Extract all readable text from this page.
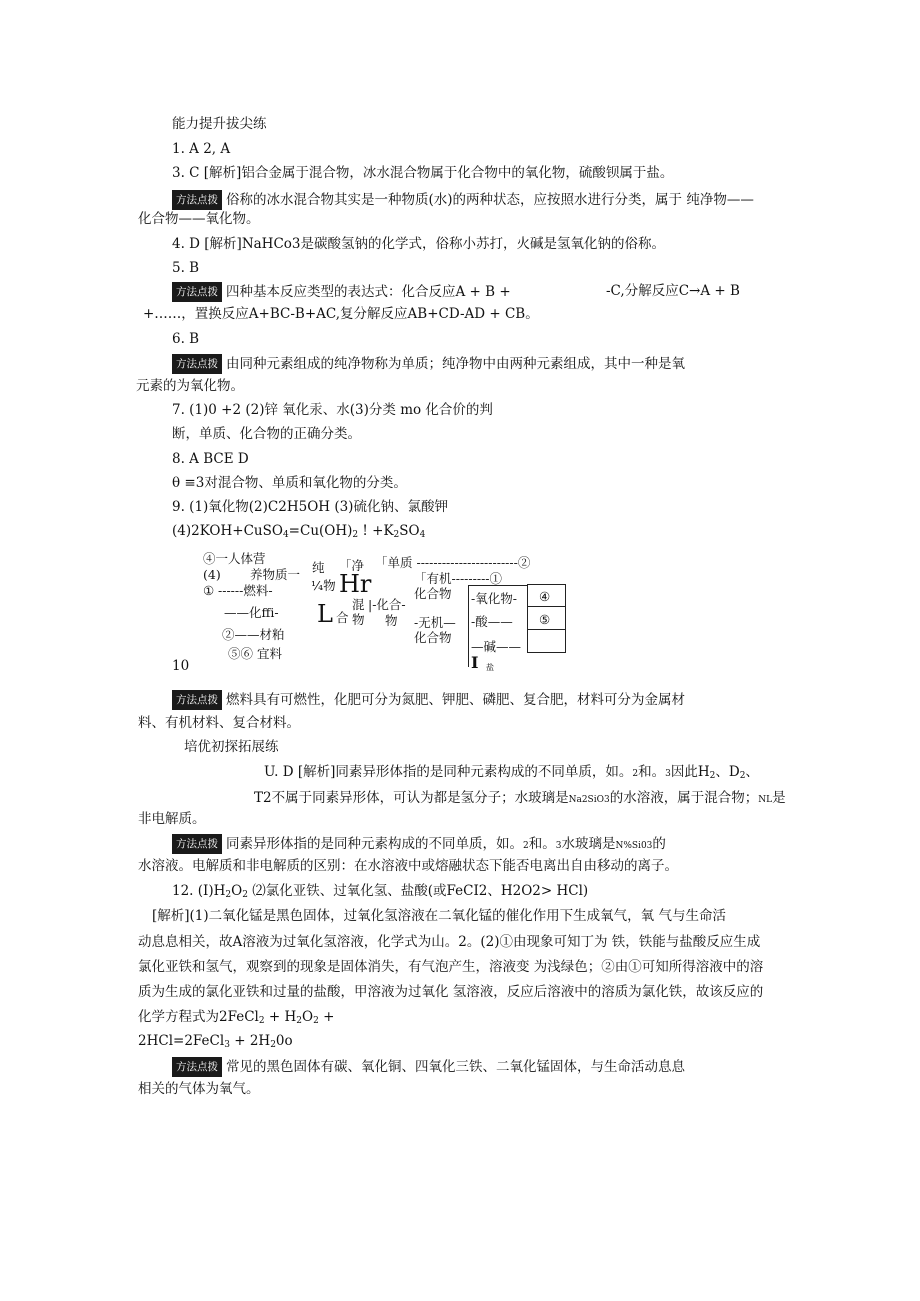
能力提升拔尖练
1. A 2, A
3. C [解析]铝合金属于混合物，冰水混合物属于化合物中的氧化物，硫酸钡属于盐。
方法点拨 俗称的冰水混合物其实是一种物质(水)的两种状态，应按照水进行分类，属于 纯净物——
化合物——氧化物。
4. D [解析]NaHCo3是碳酸氢钠的化学式，俗称小苏打，火碱是氢氧化钠的俗称。
5. B
方法点拨 四种基本反应类型的表达式：化合反应A + B +	-C,分解反应C→A + B
+……，置换反应A+BC-B+AC,复分解反应AB+CD-AD + CB。
6. B
方法点拨 由同种元素组成的纯净物称为单质；纯净物中由两种元素组成，其中一种是氧
元素的为氧化物。
7. (1)0 +2 (2)锌 氧化汞、水(3)分类 mo 化合价的判
断，单质、化合物的正确分类。
8. A BCE D
θ ≡3对混合物、单质和氧化物的分类。
9. (1)氧化物(2)C2H5OH (3)硫化钠、氯酸钾
$(4)2KOH+CuSO_4=Cu(OH)_2$ ! $+K_2SO_4$
④一人体营
(4) 养物质一
① ------燃料-
——化ffi-
②——材粕
⑤⑥ 宜料
纯
¼物
「净
Hr
L 合
混
物
|-化合-
物
「单质 ------------------------②
「有机---------①
化合物
-无机—
化合物
-氧化物-
-酸——
—碱——
④
⑤
I 盐
10
方法点拨 燃料具有可燃性，化肥可分为氮肥、钾肥、磷肥、复合肥，材料可分为金属材
料、有机材料、复合材料。
培优初探拓展练
U. D [解析]同素异形体指的是同种元素构成的不同单质，如。2和。3因此$H_2$、$D_2$、
T2不属于同素异形体，可认为都是氢分子；水玻璃是Na2SiO3的水溶液，属于混合物；NL是
非电解质。
方法点拨 同素异形体指的是同种元素构成的不同单质，如。2和。3水玻璃是N%Si03的
水溶液。电解质和非电解质的区别：在水溶液中或熔融状态下能否电离出自由移动的离子。
12. $(I)H_2O_2$ ⑵氯化亚铁、过氧化氢、盐酸(或FeCI2、H2O2> HCl)
[解析](1)二氧化锰是黑色固体，过氧化氢溶液在二氧化锰的催化作用下生成氧气，氧 气与生命活
动息息相关，故A溶液为过氧化氢溶液，化学式为山。2。(2)①由现象可知丁为 铁，铁能与盐酸反应生成
氯化亚铁和氢气，观察到的现象是固体消失，有气泡产生，溶液变 为浅绿色；②由①可知所得溶液中的溶
质为生成的氯化亚铁和过量的盐酸，甲溶液为过氧化 氢溶液，反应后溶液中的溶质为氯化铁，故该反应的
化学方程式为2FeCl$_2$ + $H_2O_2$ +
2HCl=2FeCl$_3$ + $2H_20o$
方法点拨 常见的黑色固体有碳、氧化铜、四氧化三铁、二氧化锰固体，与生命活动息息
相关的气体为氧气。
